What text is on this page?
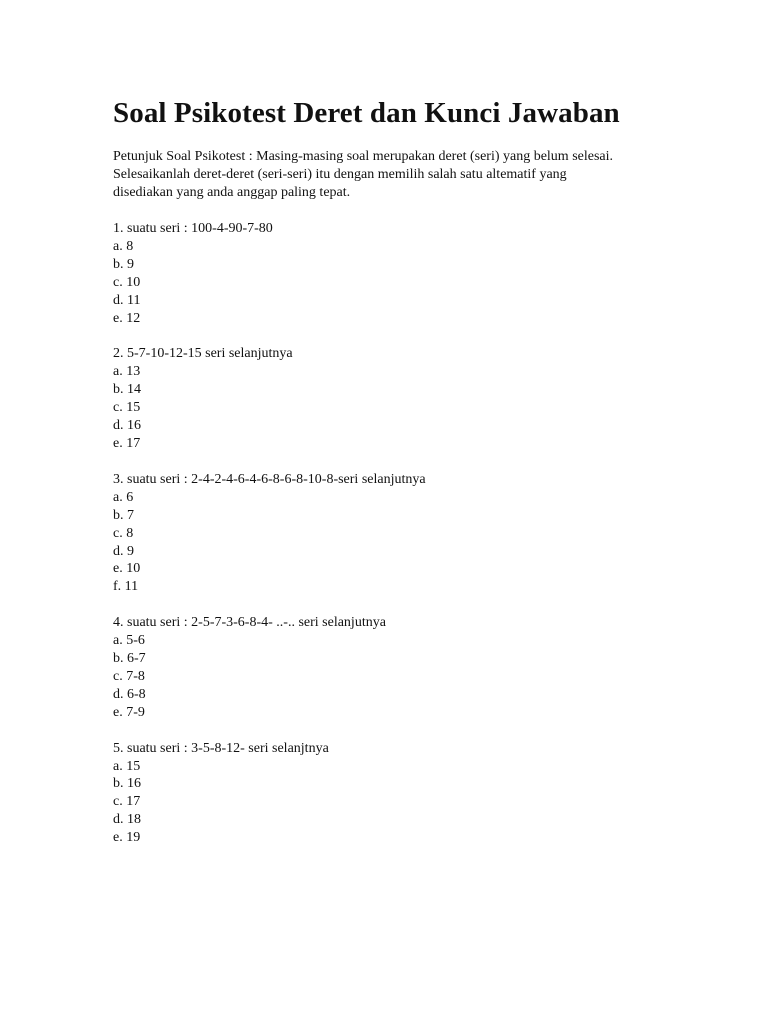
Soal Psikotest Deret dan Kunci Jawaban

Petunjuk Soal Psikotest : Masing-masing soal merupakan deret (seri) yang belum selesai.

Selesaikanlah deret-deret (seri-seri) itu dengan memilih salah satu altematif yang

disediakan yang anda anggap paling tepat.

1. suatu seri : 100-4-90-7-80
a. 8
b. 9
c. 10
d. 11
e. 12
2. 5-7-10-12-15 seri selanjutnya
a. 13
b. 14
c. 15
d. 16
e. 17
3. suatu seri : 2-4-2-4-6-4-6-8-6-8-10-8-seri selanjutnya
a. 6
b. 7
c. 8
d. 9
e. 10
f. 11
4. suatu seri : 2-5-7-3-6-8-4- ..-.. seri selanjutnya
a. 5-6
b. 6-7
c. 7-8
d. 6-8
e. 7-9
5. suatu seri : 3-5-8-12- seri selanjtnya
a. 15
b. 16
c. 17
d. 18
e. 19
